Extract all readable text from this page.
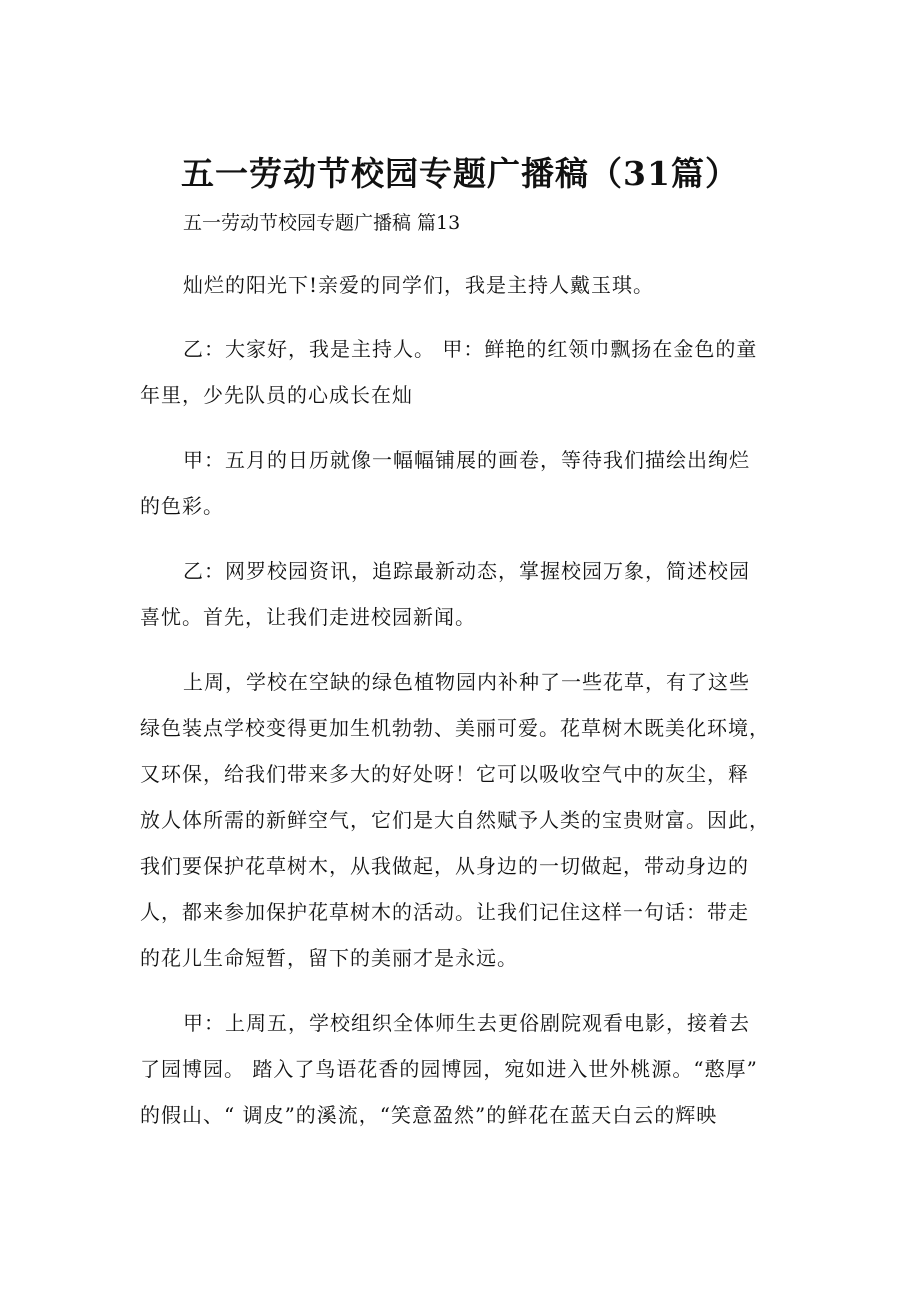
五一劳动节校园专题广播稿（31篇）
五一劳动节校园专题广播稿 篇13
灿烂的阳光下!亲爱的同学们，我是主持人戴玉琪。
乙：大家好，我是主持人。 甲：鲜艳的红领巾飘扬在金色的童
年里，少先队员的心成长在灿
甲：五月的日历就像一幅幅铺展的画卷，等待我们描绘出绚烂
的色彩。
乙：网罗校园资讯，追踪最新动态，掌握校园万象，简述校园
喜忧。首先，让我们走进校园新闻。
上周，学校在空缺的绿色植物园内补种了一些花草，有了这些
绿色装点学校变得更加生机勃勃、美丽可爱。花草树木既美化环境，
又环保，给我们带来多大的好处呀！它可以吸收空气中的灰尘，释
放人体所需的新鲜空气，它们是大自然赋予人类的宝贵财富。因此，
我们要保护花草树木，从我做起，从身边的一切做起，带动身边的
人，都来参加保护花草树木的活动。让我们记住这样一句话：带走
的花儿生命短暂，留下的美丽才是永远。
甲：上周五，学校组织全体师生去更俗剧院观看电影，接着去
了园博园。 踏入了鸟语花香的园博园，宛如进入世外桃源。“憨厚”
的假山、“ 调皮”的溪流，“笑意盈然”的鲜花在蓝天白云的辉映
